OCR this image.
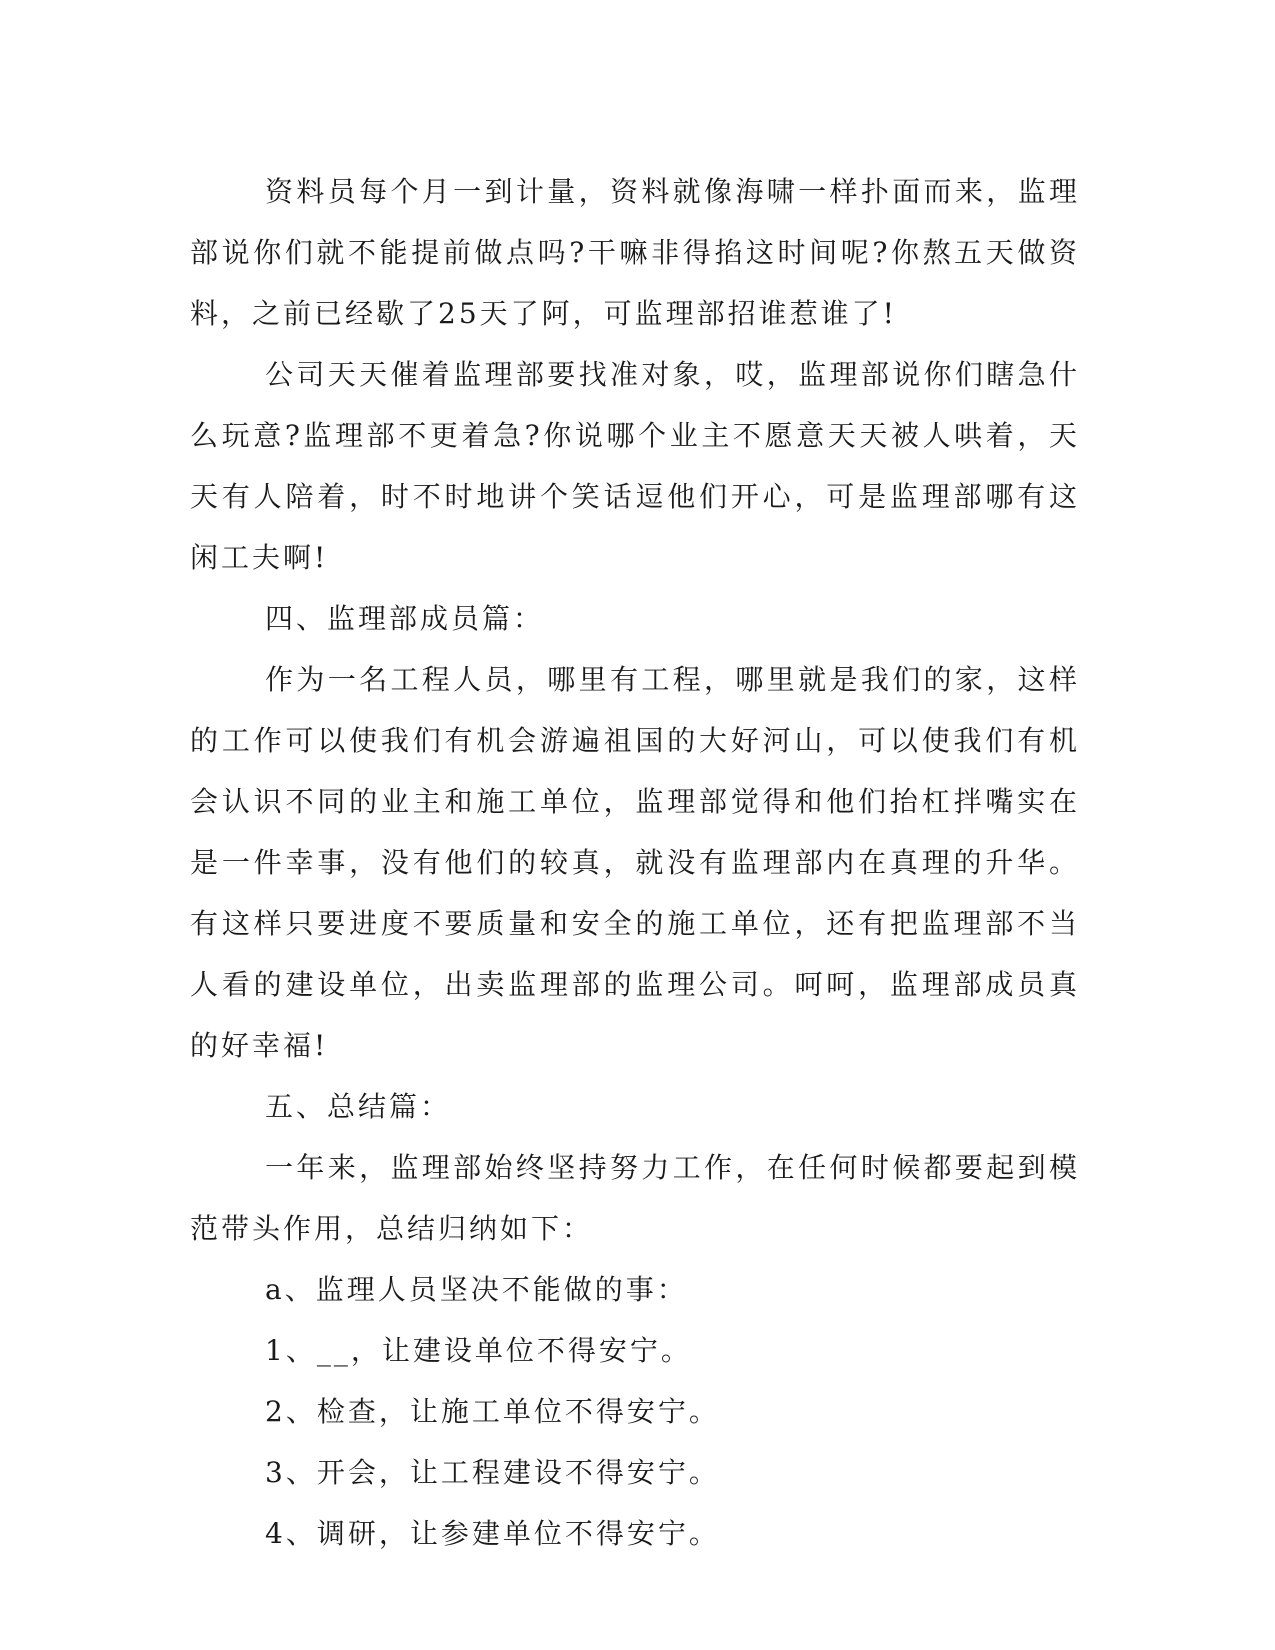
资料员每个月一到计量，资料就像海啸一样扑面而来，监理部说你们就不能提前做点吗?干嘛非得掐这时间呢?你熬五天做资料，之前已经歇了25天了阿，可监理部招谁惹谁了!

公司天天催着监理部要找准对象，哎，监理部说你们瞎急什么玩意?监理部不更着急?你说哪个业主不愿意天天被人哄着，天天有人陪着，时不时地讲个笑话逗他们开心，可是监理部哪有这闲工夫啊!

四、监理部成员篇：

作为一名工程人员，哪里有工程，哪里就是我们的家，这样的工作可以使我们有机会游遍祖国的大好河山，可以使我们有机会认识不同的业主和施工单位，监理部觉得和他们抬杠拌嘴实在是一件幸事，没有他们的较真，就没有监理部内在真理的升华。有这样只要进度不要质量和安全的施工单位，还有把监理部不当人看的建设单位，出卖监理部的监理公司。呵呵，监理部成员真的好幸福!

五、总结篇：

一年来，监理部始终坚持努力工作，在任何时候都要起到模范带头作用，总结归纳如下：

a、监理人员坚决不能做的事：

1、__，让建设单位不得安宁。

2、检查，让施工单位不得安宁。

3、开会，让工程建设不得安宁。

4、调研，让参建单位不得安宁。
